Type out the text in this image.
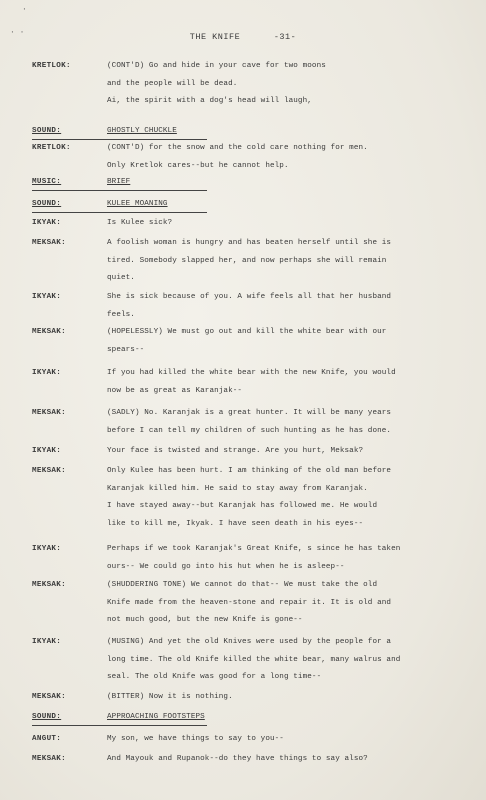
·
· ·	THE KNIFE	-31-
KRETLOK:	(CONT'D) Go and hide in your cave for two moons
and the people will be dead.
Ai, the spirit with a dog's head will laugh,
SOUND:	GHOSTLY CHUCKLE
KRETLOK:	(CONT'D) for the snow and the cold care nothing for men.
Only Kretlok cares--but he cannot help.
MUSIC:	BRIEF
SOUND:	KULEE MOANING
IKYAK:	Is Kulee sick?
MEKSAK:	A foolish woman is hungry and has beaten herself until she is
tired. Somebody slapped her, and now perhaps she will remain
quiet.
IKYAK:	She is sick because of you. A wife feels all that her husband
feels.
MEKSAK:	(HOPELESSLY) We must go out and kill the white bear with our
spears--
IKYAK:	If you had killed the white bear with the new Knife, you would
now be as great as Karanjak--
MEKSAK:	(SADLY) No. Karanjak is a great hunter. It will be many years
before I can tell my children of such hunting as he has done.
IKYAK:	Your face is twisted and strange. Are you hurt, Meksak?
MEKSAK:	Only Kulee has been hurt. I am thinking of the old man before
Karanjak killed him. He said to stay away from Karanjak.
I have stayed away--but Karanjak has followed me. He would
like to kill me, Ikyak. I have seen death in his eyes--
IKYAK:	Perhaps if we took Karanjak's Great Knife, s since he has taken
ours-- We could go into his hut when he is asleep--
MEKSAK:	(SHUDDERING TONE) We cannot do that-- We must take the old
Knife made from the heaven-stone and repair it. It is old and
not much good, but the new Knife is gone--
IKYAK:	(MUSING) And yet the old Knives were used by the people for a
long time. The old Knife killed the white bear, many walrus and
seal. The old Knife was good for a long time--
MEKSAK:	(BITTER) Now it is nothing.
SOUND:	APPROACHING FOOTSTEPS
ANGUT:	My son, we have things to say to you--
MEKSAK:	And Mayouk and Rupanok--do they have things to say also?
